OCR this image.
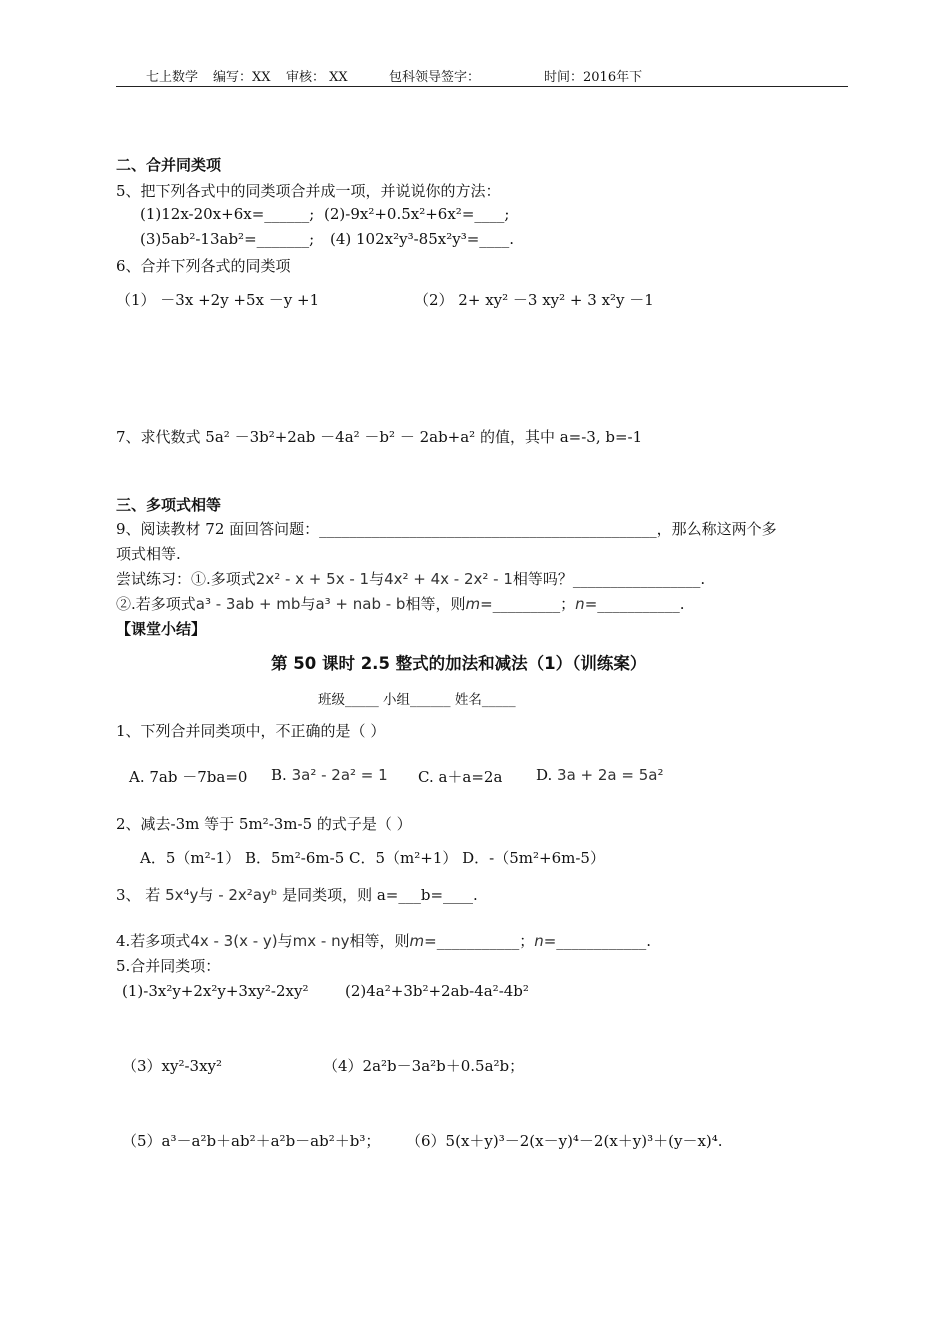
七上数学 编写：XX 审核： XX	包科领导签字：	时间：2016年下
二、合并同类项
5、把下列各式中的同类项合并成一项，并说说你的方法：
(1)12x-20x+6x=______; (2)-9x²+0.5x²+6x²=____;
(3)5ab²-13ab²=_______; (4) 102x²y³-85x²y³=____.
6、合并下列各式的同类项
（1） －3x +2y +5x －y +1	（2） 2+ xy² －3 xy² + 3 x²y －1
7、求代数式 5a² －3b²+2ab －4a² －b² － 2ab+a² 的值，其中 a=-3, b=-1
三、多项式相等
9、阅读教材 72 面回答问题：_____________________________________________，那么称这两个多
项式相等.
尝试练习：①.多项式2x² - x + 5x - 1与4x² + 4x - 2x² - 1相等吗？_________________.
②.若多项式a³ - 3ab + mb与a³ + nab - b相等，则m=_________；n=___________.
【课堂小结】
第 50 课时 2.5 整式的加法和减法（1）（训练案）
班级_____ 小组______ 姓名_____
1、下列合并同类项中，不正确的是（ ）
A. 7ab －7ba=0 B. 3a² - 2a² = 1 C. a＋a=2a D. 3a + 2a = 5a²
2、减去-3m 等于 5m²-3m-5 的式子是（ ）
A．5（m²-1） B．5m²-6m-5 C．5（m²+1） D．-（5m²+6m-5）
3、 若 5x⁴y与 - 2x²ayᵇ 是同类项，则 a=___b=____.
4.若多项式4x - 3(x - y)与mx - ny相等，则m=___________；n=____________.
5.合并同类项：
(1)-3x²y+2x²y+3xy²-2xy² (2)4a²+3b²+2ab-4a²-4b²
（3）xy²-3xy²	（4）2a²b－3a²b＋0.5a²b；
（5）a³－a²b＋ab²＋a²b－ab²＋b³； （6）5(x＋y)³－2(x－y)⁴－2(x＋y)³＋(y－x)⁴.
